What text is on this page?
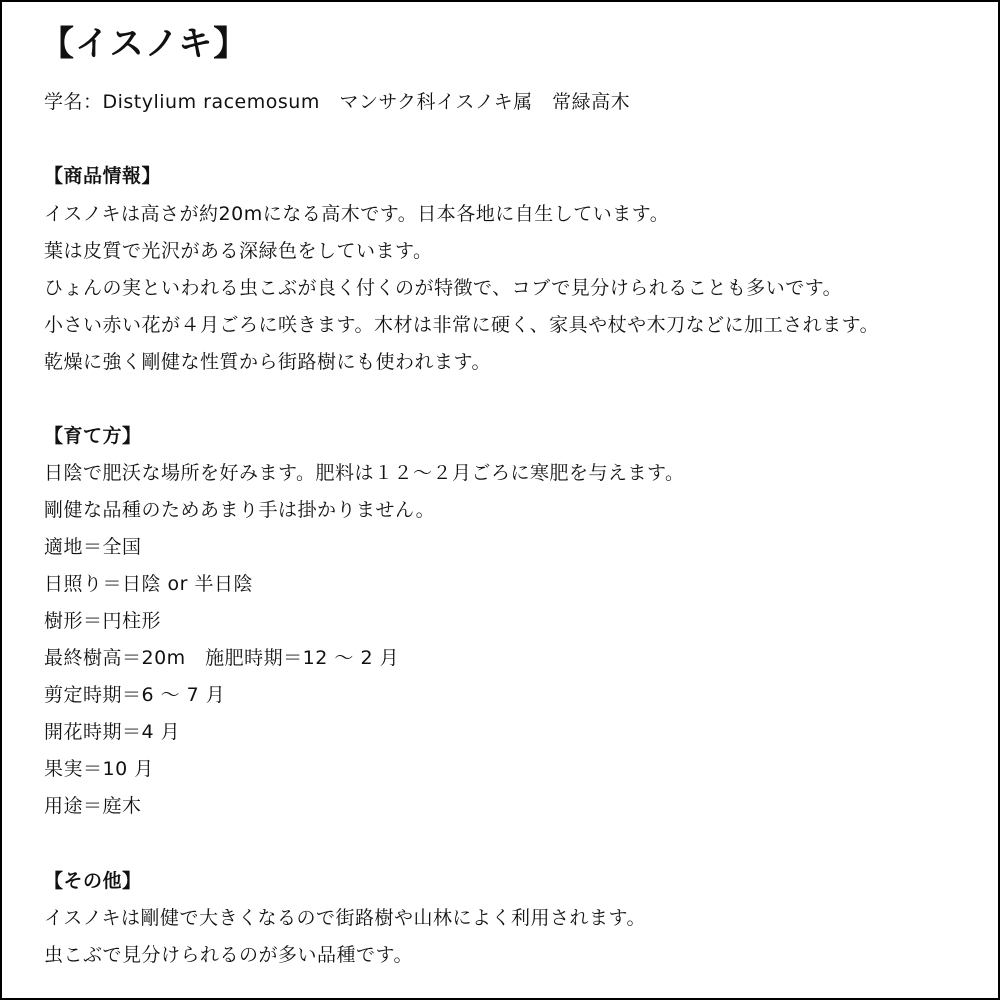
【イスノキ】

学名：Distylium racemosum　マンサク科イスノキ属　常緑高木

【商品情報】

イスノキは高さが約20mになる高木です。日本各地に自生しています。

葉は皮質で光沢がある深緑色をしています。

ひょんの実といわれる虫こぶが良く付くのが特徴で、コブで見分けられることも多いです。

小さい赤い花が４月ごろに咲きます。木材は非常に硬く、家具や杖や木刀などに加工されます。

乾燥に強く剛健な性質から街路樹にも使われます。

【育て方】

日陰で肥沃な場所を好みます。肥料は１２～２月ごろに寒肥を与えます。

剛健な品種のためあまり手は掛かりません。

適地＝全国

日照り＝日陰 or 半日陰

樹形＝円柱形

最終樹高＝20m　施肥時期＝12 ～ 2 月

剪定時期＝6 ～ 7 月

開花時期＝4 月

果実＝10 月

用途＝庭木

【その他】

イスノキは剛健で大きくなるので街路樹や山林によく利用されます。

虫こぶで見分けられるのが多い品種です。
